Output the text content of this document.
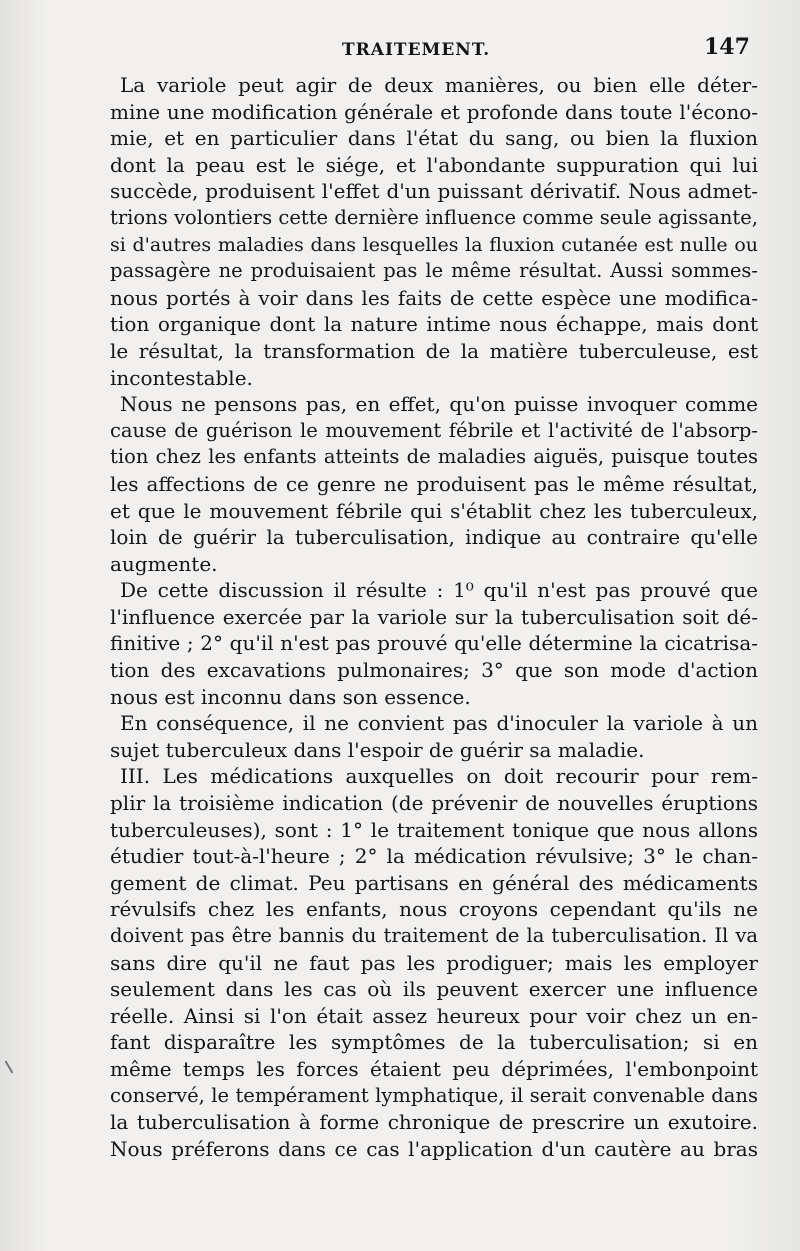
TRAITEMENT.	147
La variole peut agir de deux manières, ou bien elle déter-
mine une modification générale et profonde dans toute l'écono-
mie, et en particulier dans l'état du sang, ou bien la fluxion
dont la peau est le siége, et l'abondante suppuration qui lui
succède, produisent l'effet d'un puissant dérivatif. Nous admet-
trions volontiers cette dernière influence comme seule agissante,
si d'autres maladies dans lesquelles la fluxion cutanée est nulle ou
passagère ne produisaient pas le même résultat. Aussi sommes-
nous portés à voir dans les faits de cette espèce une modifica-
tion organique dont la nature intime nous échappe, mais dont
le résultat, la transformation de la matière tuberculeuse, est
incontestable.
Nous ne pensons pas, en effet, qu'on puisse invoquer comme
cause de guérison le mouvement fébrile et l'activité de l'absorp-
tion chez les enfants atteints de maladies aiguës, puisque toutes
les affections de ce genre ne produisent pas le même résultat,
et que le mouvement fébrile qui s'établit chez les tuberculeux,
loin de guérir la tuberculisation, indique au contraire qu'elle
augmente.
De cette discussion il résulte : 1⁰ qu'il n'est pas prouvé que
l'influence exercée par la variole sur la tuberculisation soit dé-
finitive ; 2° qu'il n'est pas prouvé qu'elle détermine la cicatrisa-
tion des excavations pulmonaires; 3° que son mode d'action
nous est inconnu dans son essence.
En conséquence, il ne convient pas d'inoculer la variole à un
sujet tuberculeux dans l'espoir de guérir sa maladie.
III. Les médications auxquelles on doit recourir pour rem-
plir la troisième indication (de prévenir de nouvelles éruptions
tuberculeuses), sont : 1° le traitement tonique que nous allons
étudier tout-à-l'heure ; 2° la médication révulsive; 3° le chan-
gement de climat. Peu partisans en général des médicaments
révulsifs chez les enfants, nous croyons cependant qu'ils ne
doivent pas être bannis du traitement de la tuberculisation. Il va
sans dire qu'il ne faut pas les prodiguer; mais les employer
seulement dans les cas où ils peuvent exercer une influence
réelle. Ainsi si l'on était assez heureux pour voir chez un en-
fant disparaître les symptômes de la tuberculisation; si en
même temps les forces étaient peu déprimées, l'embonpoint
conservé, le tempérament lymphatique, il serait convenable dans
la tuberculisation à forme chronique de prescrire un exutoire.
Nous préferons dans ce cas l'application d'un cautère au bras
